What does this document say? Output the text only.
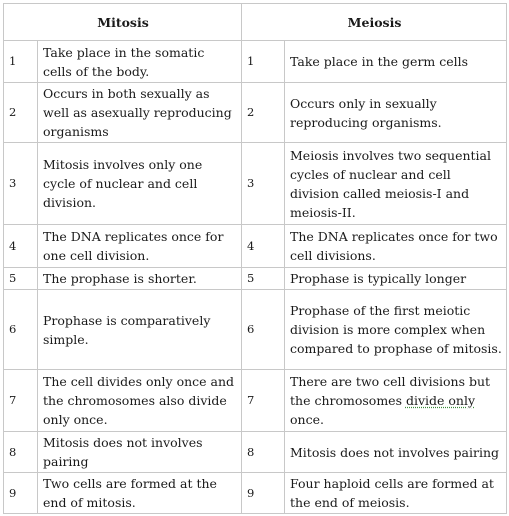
Mitosis		Meiosis	
1	Take place in the somatic cells of the body.	1	Take place in the germ cells
2	Occurs in both sexually as well as asexually reproducing organisms	2	Occurs only in sexually reproducing organisms.
3	Mitosis involves only one cycle of nuclear and cell division.	3	Meiosis involves two sequential cycles of nuclear and cell division called meiosis-I and meiosis-II.
4	The DNA replicates once for one cell division.	4	The DNA replicates once for two cell divisions.
5	The prophase is shorter.	5	Prophase is typically longer
6	Prophase is comparatively simple.	6	Prophase of the first meiotic division is more complex when compared to prophase of mitosis.
7	The cell divides only once and the chromosomes also divide only once.	7	There are two cell divisions but the chromosomes divide only once.
8	Mitosis does not involves pairing	8	Mitosis does not involves pairing
9	Two cells are formed at the end of mitosis.	9	Four haploid cells are formed at the end of meiosis.
